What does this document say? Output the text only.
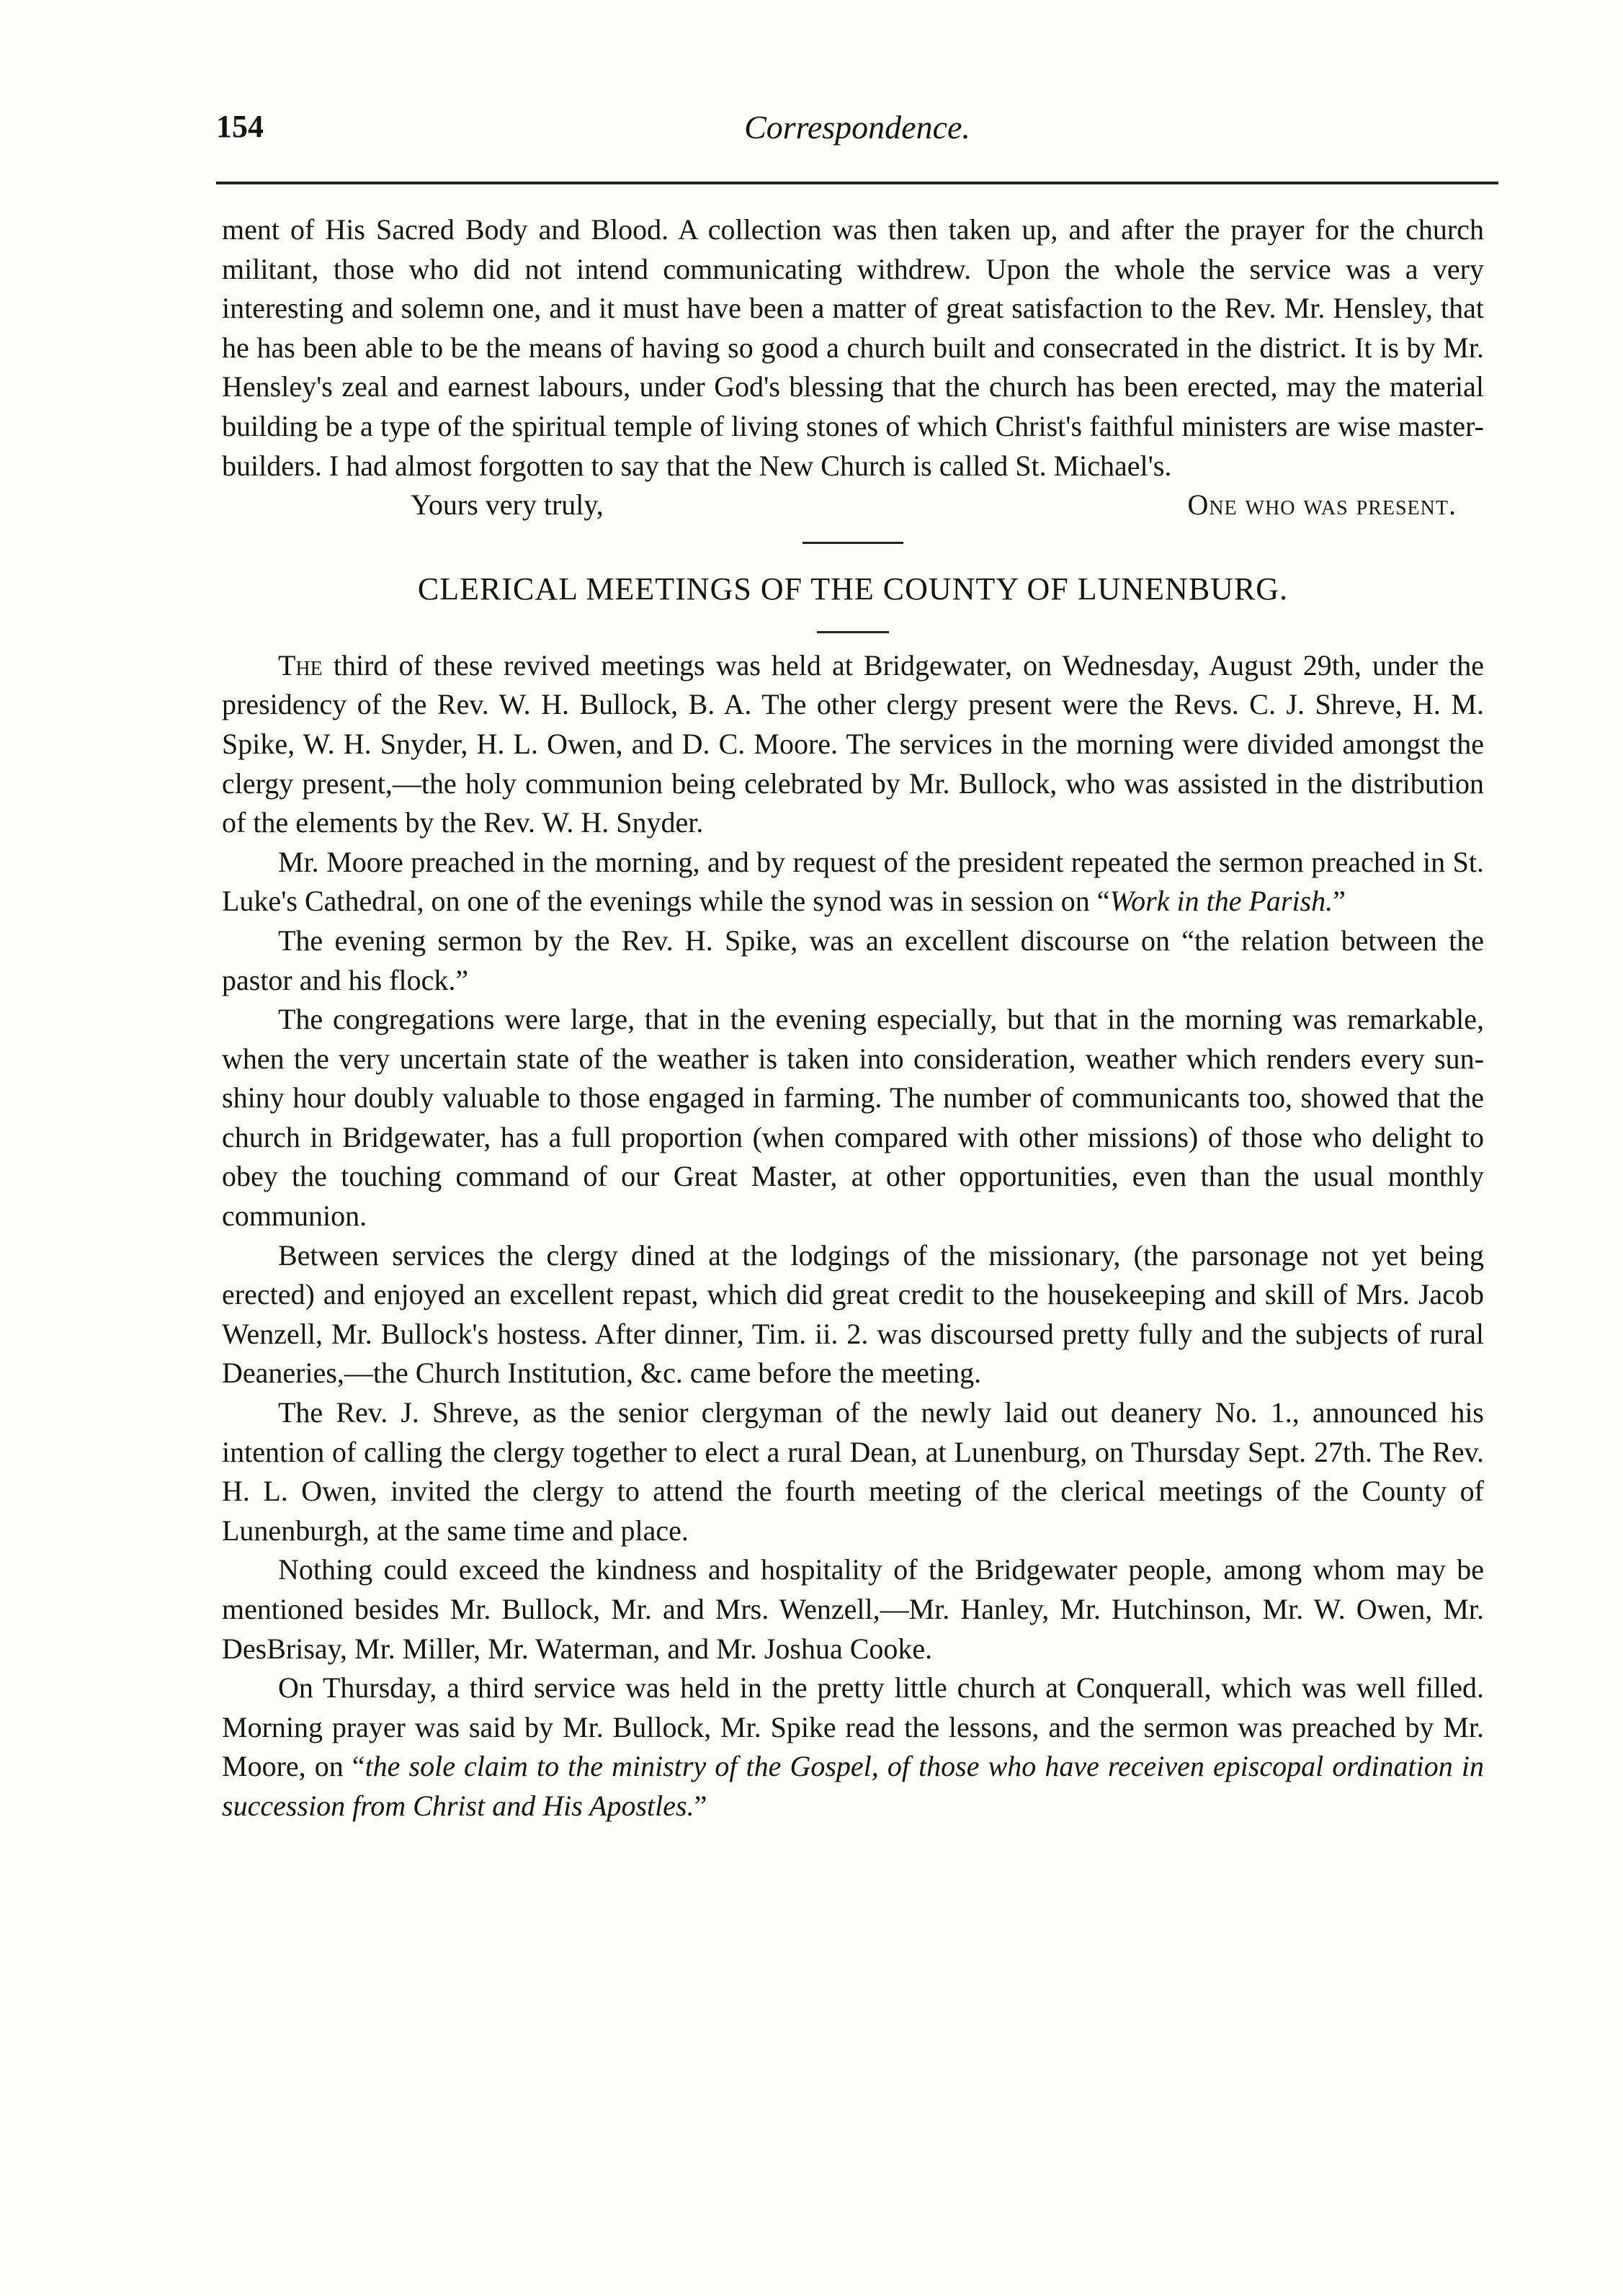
154	Correspondence.

ment of His Sacred Body and Blood. A collection was then taken up, and after the prayer for the church militant, those who did not intend communicating withdrew. Upon the whole the service was a very interesting and solemn one, and it must have been a matter of great satisfaction to the Rev. Mr. Hensley, that he has been able to be the means of having so good a church built and consecrated in the district. It is by Mr. Hensley's zeal and earnest labours, under God's blessing that the church has been erected, may the material building be a type of the spiritual temple of living stones of which Christ's faithful ministers are wise master-builders. I had almost forgotten to say that the New Church is called St. Michael's.

Yours very truly,	One who was present.
CLERICAL MEETINGS OF THE COUNTY OF LUNENBURG.

The third of these revived meetings was held at Bridgewater, on Wednesday, August 29th, under the presidency of the Rev. W. H. Bullock, B. A. The other clergy present were the Revs. C. J. Shreve, H. M. Spike, W. H. Snyder, H. L. Owen, and D. C. Moore. The services in the morning were divided amongst the clergy present,—the holy communion being celebrated by Mr. Bullock, who was assisted in the distribution of the elements by the Rev. W. H. Snyder.

Mr. Moore preached in the morning, and by request of the president repeated the sermon preached in St. Luke's Cathedral, on one of the evenings while the synod was in session on “Work in the Parish.”

The evening sermon by the Rev. H. Spike, was an excellent discourse on “the relation between the pastor and his flock.”

The congregations were large, that in the evening especially, but that in the morning was remarkable, when the very uncertain state of the weather is taken into consideration, weather which renders every sun-shiny hour doubly valuable to those engaged in farming. The number of communicants too, showed that the church in Bridgewater, has a full proportion (when compared with other missions) of those who delight to obey the touching command of our Great Master, at other opportunities, even than the usual monthly communion.

Between services the clergy dined at the lodgings of the missionary, (the parsonage not yet being erected) and enjoyed an excellent repast, which did great credit to the housekeeping and skill of Mrs. Jacob Wenzell, Mr. Bullock's hostess. After dinner, Tim. ii. 2. was discoursed pretty fully and the subjects of rural Deaneries,—the Church Institution, &c. came before the meeting.

The Rev. J. Shreve, as the senior clergyman of the newly laid out deanery No. 1., announced his intention of calling the clergy together to elect a rural Dean, at Lunenburg, on Thursday Sept. 27th. The Rev. H. L. Owen, invited the clergy to attend the fourth meeting of the clerical meetings of the County of Lunenburgh, at the same time and place.

Nothing could exceed the kindness and hospitality of the Bridgewater people, among whom may be mentioned besides Mr. Bullock, Mr. and Mrs. Wenzell,—Mr. Hanley, Mr. Hutchinson, Mr. W. Owen, Mr. DesBrisay, Mr. Miller, Mr. Waterman, and Mr. Joshua Cooke.

On Thursday, a third service was held in the pretty little church at Conquerall, which was well filled. Morning prayer was said by Mr. Bullock, Mr. Spike read the lessons, and the sermon was preached by Mr. Moore, on “the sole claim to the ministry of the Gospel, of those who have receiven episcopal ordination in succession from Christ and His Apostles.”
